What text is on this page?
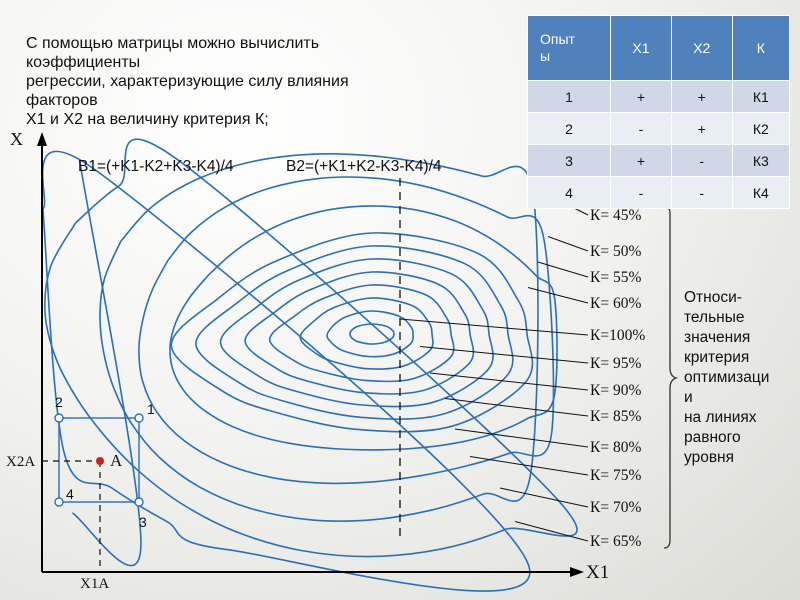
С помощью матрицы можно вычислить
коэффициенты
регрессии, характеризующие силу влияния
факторов
Х1 и Х2 на величину критерия К;
Х
B1=(+K1-K2+K3-K4)/4	B2=(+K1+K2-K3-K4)/4
Опыт
ы	Х1	Х2	К
1	+	+	К1
2	-	+	К2
3	+	-	К3
4	-	-	К4
К= 45%
К= 50%
К= 55%
К= 60%
К=100%
К= 95%
К= 90%
К= 85%
К= 80%
К= 75%
К= 70%
К= 65%
Относи-
тельные
значения
критерия
оптимизаци
и
на линиях
равного
уровня
Х1
Х1А
Х2А	A
2	1
4
3
